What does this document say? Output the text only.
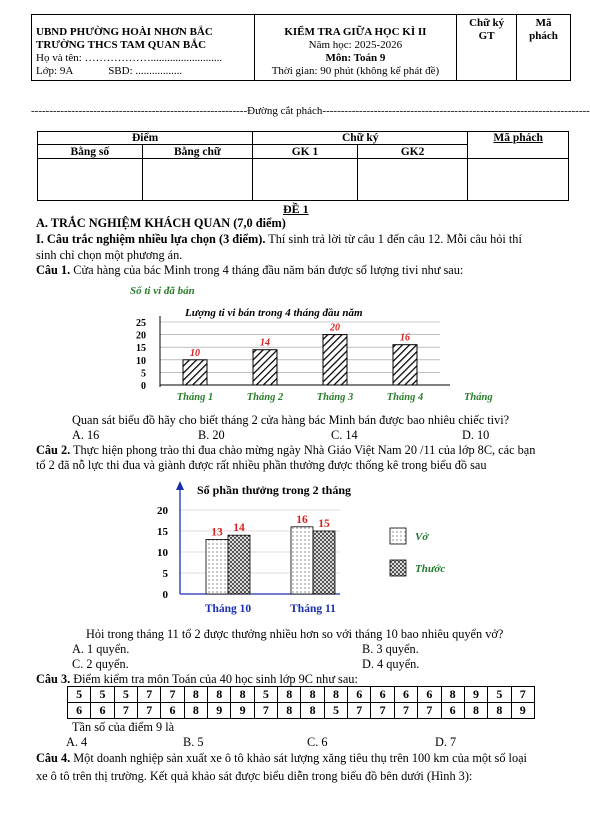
UBND PHƯỜNG HOÀI NHƠN BẮC
TRƯỜNG THCS TAM QUAN BẮC
Họ và tên: ………………..........................
Lớp: 9A	SBD: .................

KIỂM TRA GIỮA HỌC KÌ II
Năm học: 2025-2026
Môn: Toán 9
Thời gian: 90 phút (không kể phát đề)

Chữ ký GT

Mã phách
-----------------------------------------------------------Đường cắt phách-------------------------------------------------------------------------
Điểm		Chữ ký		Mã phách
Bằng số	Bằng chữ	GK 1	GK2	

ĐỀ 1
A. TRẮC NGHIỆM KHÁCH QUAN (7,0 điểm)
I. Câu trắc nghiệm nhiều lựa chọn (3 điểm). Thí sinh trả lời từ câu 1 đến câu 12. Mỗi câu hỏi thí
sinh chỉ chọn một phương án.
Câu 1. Cửa hàng của bác Minh trong 4 tháng đầu năm bán được số lượng tivi như sau:
Số ti vi đã bán
Lượng ti vi bán trong 4 tháng đầu năm
0
5
10
15
20
25
10
Tháng 1
14
Tháng 2
20
Tháng 3
16
Tháng 4	Tháng
Quan sát biểu đồ hãy cho biết tháng 2 cửa hàng bác Minh bán được bao nhiêu chiếc tivi?
A. 16	B. 20	C. 14	D. 10
Câu 2. Thực hiện phong trào thi đua chào mừng ngày Nhà Giáo Việt Nam 20 /11 của lớp 8C, các bạn
tổ 2 đã nỗ lực thi đua và giành được rất nhiều phần thưởng được thống kê trong biểu đồ sau
Số phần thưởng trong 2 tháng
0
5
10
15
20
13 14
Tháng 10
16 15
Tháng 11
Vở
Thước
Hỏi trong tháng 11 tổ 2 được thưởng nhiều hơn so với tháng 10 bao nhiêu quyển vở?
A. 1 quyển.	B. 3 quyển.
C. 2 quyển.	D. 4 quyển.
Câu 3. Điểm kiểm tra môn Toán của 40 học sinh lớp 9C như sau:
5	5	5	7	7	8	8	8	5	8	8	8	6	6	6	6	8	9	5	7
6	6	7	7	6	8	9	9	7	8	8	5	7	7	7	7	6	8	8	9
Tần số của điểm 9 là
A. 4	B. 5	C. 6	D. 7
Câu 4. Một doanh nghiệp sản xuất xe ô tô khảo sát lượng xăng tiêu thụ trên 100 km của một số loại
xe ô tô trên thị trường. Kết quả khảo sát được biểu diễn trong biểu đồ bên dưới (Hình 3):
